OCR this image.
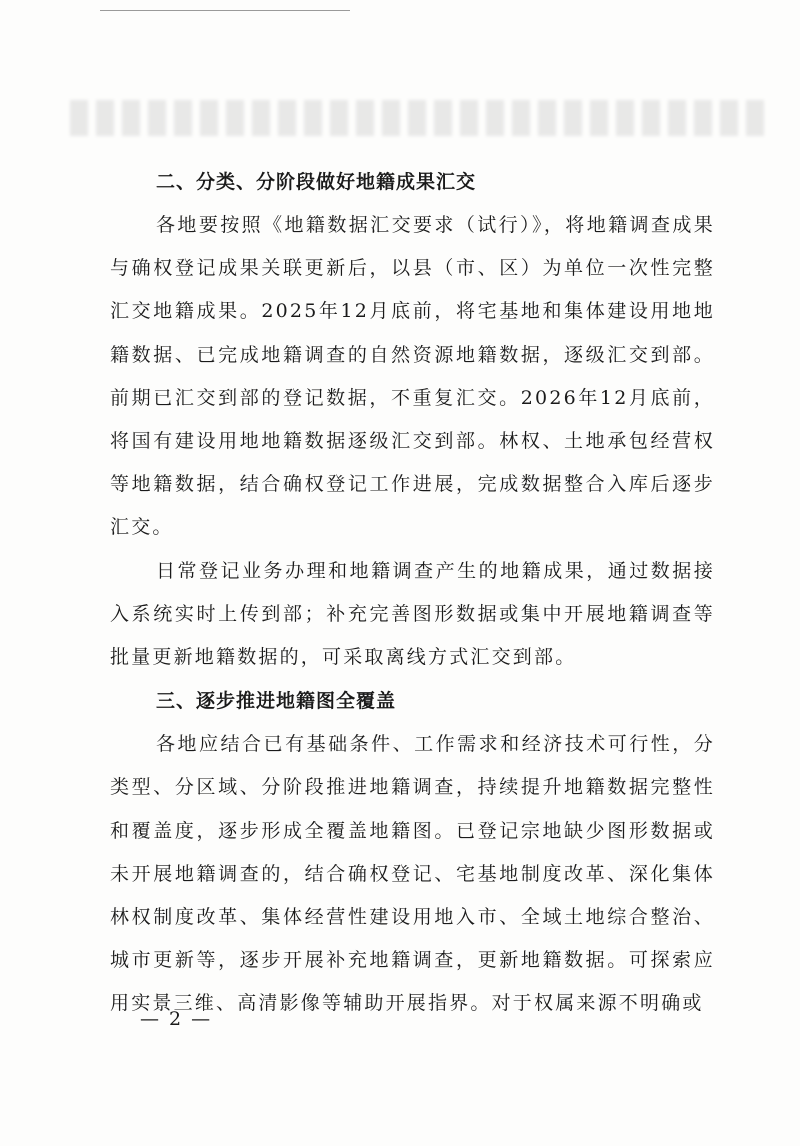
二、分类、分阶段做好地籍成果汇交

各地要按照《地籍数据汇交要求（试行）》，将地籍调查成果与确权登记成果关联更新后，以县（市、区）为单位一次性完整汇交地籍成果。2025年12月底前，将宅基地和集体建设用地地籍数据、已完成地籍调查的自然资源地籍数据，逐级汇交到部。前期已汇交到部的登记数据，不重复汇交。2026年12月底前，将国有建设用地地籍数据逐级汇交到部。林权、土地承包经营权等地籍数据，结合确权登记工作进展，完成数据整合入库后逐步汇交。

日常登记业务办理和地籍调查产生的地籍成果，通过数据接入系统实时上传到部；补充完善图形数据或集中开展地籍调查等批量更新地籍数据的，可采取离线方式汇交到部。

三、逐步推进地籍图全覆盖

各地应结合已有基础条件、工作需求和经济技术可行性，分类型、分区域、分阶段推进地籍调查，持续提升地籍数据完整性和覆盖度，逐步形成全覆盖地籍图。已登记宗地缺少图形数据或未开展地籍调查的，结合确权登记、宅基地制度改革、深化集体林权制度改革、集体经营性建设用地入市、全域土地综合整治、城市更新等，逐步开展补充地籍调查，更新地籍数据。可探索应用实景三维、高清影像等辅助开展指界。对于权属来源不明确或

— 2 —
